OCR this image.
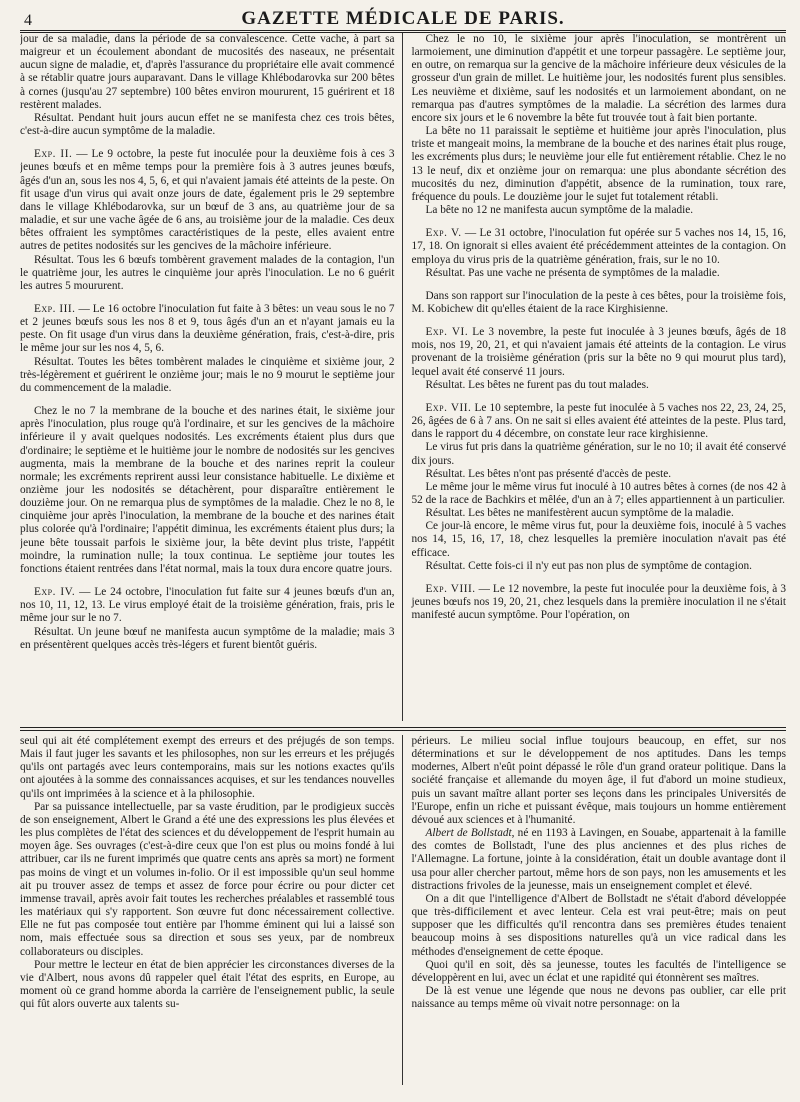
4	GAZETTE MÉDICALE DE PARIS.

jour de sa maladie, dans la période de sa convalescence. Cette vache, à part sa maigreur et un écoulement abondant de mucosités des naseaux, ne présentait aucun signe de maladie, et, d'après l'assurance du propriétaire elle avait commencé à se rétablir quatre jours auparavant. Dans le village Khlébodarovka sur 200 bêtes à cornes (jusqu'au 27 septembre) 100 bêtes environ moururent, 15 guérirent et 18 restèrent malades.

Résultat. Pendant huit jours aucun effet ne se manifesta chez ces trois bêtes, c'est-à-dire aucun symptôme de la maladie.

Exp. II. — Le 9 octobre, la peste fut inoculée pour la deuxième fois à ces 3 jeunes bœufs et en même temps pour la première fois à 3 autres jeunes bœufs, âgés d'un an, sous les nos 4, 5, 6, et qui n'avaient jamais été atteints de la peste. On fit usage d'un virus qui avait onze jours de date, également pris le 29 septembre dans le village Khlébodarovka, sur un bœuf de 3 ans, au quatrième jour de sa maladie, et sur une vache âgée de 6 ans, au troisième jour de la maladie. Ces deux bêtes offraient les symptômes caractéristiques de la peste, elles avaient entre autres de petites nodosités sur les gencives de la mâchoire inférieure.

Résultat. Tous les 6 bœufs tombèrent gravement malades de la contagion, l'un le quatrième jour, les autres le cinquième jour après l'inoculation. Le no 6 guérit les autres 5 moururent.

Exp. III. — Le 16 octobre l'inoculation fut faite à 3 bêtes: un veau sous le no 7 et 2 jeunes bœufs sous les nos 8 et 9, tous âgés d'un an et n'ayant jamais eu la peste. On fit usage d'un virus dans la deuxième génération, frais, c'est-à-dire, pris le même jour sur les nos 4, 5, 6.

Résultat. Toutes les bêtes tombèrent malades le cinquième et sixième jour, 2 très-légèrement et guérirent le onzième jour; mais le no 9 mourut le septième jour du commencement de la maladie.

Chez le no 7 la membrane de la bouche et des narines était, le sixième jour après l'inoculation, plus rouge qu'à l'ordinaire, et sur les gencives de la mâchoire inférieure il y avait quelques nodosités. Les excréments étaient plus durs que d'ordinaire; le septième et le huitième jour le nombre de nodosités sur les gencives augmenta, mais la membrane de la bouche et des narines reprit la couleur normale; les excréments reprirent aussi leur consistance habituelle. Le dixième et onzième jour les nodosités se détachèrent, pour disparaître entièrement le douzième jour. On ne remarqua plus de symptômes de la maladie. Chez le no 8, le cinquième jour après l'inoculation, la membrane de la bouche et des narines était plus colorée qu'à l'ordinaire; l'appétit diminua, les excréments étaient plus durs; la jeune bête toussait parfois le sixième jour, la bête devint plus triste, l'appétit moindre, la rumination nulle; la toux continua. Le septième jour toutes les fonctions étaient rentrées dans l'état normal, mais la toux dura encore quatre jours.

Exp. IV. — Le 24 octobre, l'inoculation fut faite sur 4 jeunes bœufs d'un an, nos 10, 11, 12, 13. Le virus employé était de la troisième génération, frais, pris le même jour sur le no 7.

Résultat. Un jeune bœuf ne manifesta aucun symptôme de la maladie; mais 3 en présentèrent quelques accès très-légers et furent bientôt guéris.

Chez le no 10, le sixième jour après l'inoculation, se montrèrent un larmoiement, une diminution d'appétit et une torpeur passagère. Le septième jour, en outre, on remarqua sur la gencive de la mâchoire inférieure deux vésicules de la grosseur d'un grain de millet. Le huitième jour, les nodosités furent plus sensibles. Les neuvième et dixième, sauf les nodosités et un larmoiement abondant, on ne remarqua pas d'autres symptômes de la maladie. La sécrétion des larmes dura encore six jours et le 6 novembre la bête fut trouvée tout à fait bien portante.

La bête no 11 paraissait le septième et huitième jour après l'inoculation, plus triste et mangeait moins, la membrane de la bouche et des narines était plus rouge, les excréments plus durs; le neuvième jour elle fut entièrement rétablie. Chez le no 13 le neuf, dix et onzième jour on remarqua: une plus abondante sécrétion des mucosités du nez, diminution d'appétit, absence de la rumination, toux rare, fréquence du pouls. Le douzième jour le sujet fut totalement rétabli.

La bête no 12 ne manifesta aucun symptôme de la maladie.

Exp. V. — Le 31 octobre, l'inoculation fut opérée sur 5 vaches nos 14, 15, 16, 17, 18. On ignorait si elles avaient été précédemment atteintes de la contagion. On employa du virus pris de la quatrième génération, frais, sur le no 10.

Résultat. Pas une vache ne présenta de symptômes de la maladie.

Dans son rapport sur l'inoculation de la peste à ces bêtes, pour la troisième fois, M. Kobichew dit qu'elles étaient de la race Kirghisienne.

Exp. VI. Le 3 novembre, la peste fut inoculée à 3 jeunes bœufs, âgés de 18 mois, nos 19, 20, 21, et qui n'avaient jamais été atteints de la contagion. Le virus provenant de la troisième génération (pris sur la bête no 9 qui mourut plus tard), lequel avait été conservé 11 jours.

Résultat. Les bêtes ne furent pas du tout malades.

Exp. VII. Le 10 septembre, la peste fut inoculée à 5 vaches nos 22, 23, 24, 25, 26, âgées de 6 à 7 ans. On ne sait si elles avaient été atteintes de la peste. Plus tard, dans le rapport du 4 décembre, on constate leur race kirghisienne.

Le virus fut pris dans la quatrième génération, sur le no 10; il avait été conservé dix jours.

Résultat. Les bêtes n'ont pas présenté d'accès de peste.

Le même jour le même virus fut inoculé à 10 autres bêtes à cornes (de nos 42 à 52 de la race de Bachkirs et mêlée, d'un an à 7; elles appartiennent à un particulier.

Résultat. Les bêtes ne manifestèrent aucun symptôme de la maladie.

Ce jour-là encore, le même virus fut, pour la deuxième fois, inoculé à 5 vaches nos 14, 15, 16, 17, 18, chez lesquelles la première inoculation n'avait pas été efficace.

Résultat. Cette fois-ci il n'y eut pas non plus de symptôme de contagion.

Exp. VIII. — Le 12 novembre, la peste fut inoculée pour la deuxième fois, à 3 jeunes bœufs nos 19, 20, 21, chez lesquels dans la première inoculation il ne s'était manifesté aucun symptôme. Pour l'opération, on

seul qui ait été complétement exempt des erreurs et des préjugés de son temps. Mais il faut juger les savants et les philosophes, non sur les erreurs et les préjugés qu'ils ont partagés avec leurs contemporains, mais sur les notions exactes qu'ils ont ajoutées à la somme des connaissances acquises, et sur les tendances nouvelles qu'ils ont imprimées à la science et à la philosophie.

Par sa puissance intellectuelle, par sa vaste érudition, par le prodigieux succès de son enseignement, Albert le Grand a été une des expressions les plus élevées et les plus complètes de l'état des sciences et du développement de l'esprit humain au moyen âge. Ses ouvrages (c'est-à-dire ceux que l'on est plus ou moins fondé à lui attribuer, car ils ne furent imprimés que quatre cents ans après sa mort) ne forment pas moins de vingt et un volumes in-folio. Or il est impossible qu'un seul homme ait pu trouver assez de temps et assez de force pour écrire ou pour dicter cet immense travail, après avoir fait toutes les recherches préalables et rassemblé tous les matériaux qui s'y rapportent. Son œuvre fut donc nécessairement collective. Elle ne fut pas composée tout entière par l'homme éminent qui lui a laissé son nom, mais effectuée sous sa direction et sous ses yeux, par de nombreux collaborateurs ou disciples.

Pour mettre le lecteur en état de bien apprécier les circonstances diverses de la vie d'Albert, nous avons dû rappeler quel était l'état des esprits, en Europe, au moment où ce grand homme aborda la carrière de l'enseignement public, la seule qui fût alors ouverte aux talents su-

périeurs. Le milieu social influe toujours beaucoup, en effet, sur nos déterminations et sur le développement de nos aptitudes. Dans les temps modernes, Albert n'eût point dépassé le rôle d'un grand orateur politique. Dans la société française et allemande du moyen âge, il fut d'abord un moine studieux, puis un savant maître allant porter ses leçons dans les principales Universités de l'Europe, enfin un riche et puissant évêque, mais toujours un homme entièrement dévoué aux sciences et à l'humanité.

Albert de Bollstadt, né en 1193 à Lavingen, en Souabe, appartenait à la famille des comtes de Bollstadt, l'une des plus anciennes et des plus riches de l'Allemagne. La fortune, jointe à la considération, était un double avantage dont il usa pour aller chercher partout, même hors de son pays, non les amusements et les distractions frivoles de la jeunesse, mais un enseignement complet et élevé.

On a dit que l'intelligence d'Albert de Bollstadt ne s'était d'abord développée que très-difficilement et avec lenteur. Cela est vrai peut-être; mais on peut supposer que les difficultés qu'il rencontra dans ses premières études tenaient beaucoup moins à ses dispositions naturelles qu'à un vice radical dans les méthodes d'enseignement de cette époque.

Quoi qu'il en soit, dès sa jeunesse, toutes les facultés de l'intelligence se développèrent en lui, avec un éclat et une rapidité qui étonnèrent ses maîtres.

De là est venue une légende que nous ne devons pas oublier, car elle prit naissance au temps même où vivait notre personnage: on la
